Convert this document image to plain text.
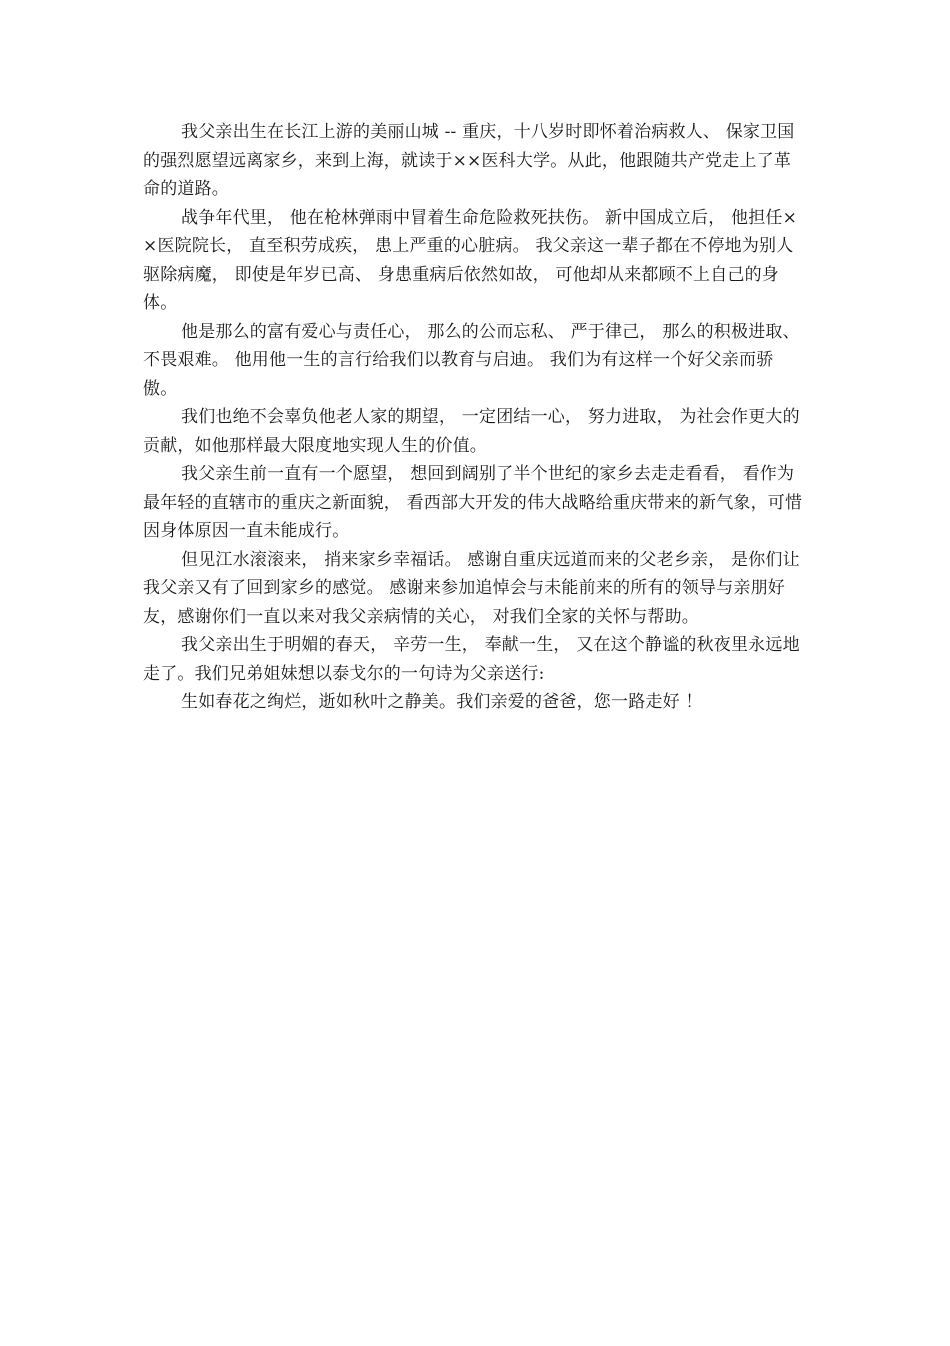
我父亲出生在长江上游的美丽山城 -- 重庆，十八岁时即怀着治病救人、 保家卫国的强烈愿望远离家乡，来到上海，就读于××医科大学。从此，他跟随共产党走上了革命的道路。

战争年代里， 他在枪林弹雨中冒着生命危险救死扶伤。 新中国成立后， 他担任××医院院长， 直至积劳成疾， 患上严重的心脏病。 我父亲这一辈子都在不停地为别人驱除病魔， 即使是年岁已高、 身患重病后依然如故， 可他却从来都顾不上自己的身体。

他是那么的富有爱心与责任心， 那么的公而忘私、 严于律己， 那么的积极进取、不畏艰难。 他用他一生的言行给我们以教育与启迪。 我们为有这样一个好父亲而骄傲。

我们也绝不会辜负他老人家的期望， 一定团结一心， 努力进取， 为社会作更大的贡献，如他那样最大限度地实现人生的价值。

我父亲生前一直有一个愿望， 想回到阔别了半个世纪的家乡去走走看看， 看作为最年轻的直辖市的重庆之新面貌， 看西部大开发的伟大战略给重庆带来的新气象，可惜因身体原因一直未能成行。

但见江水滚滚来， 捎来家乡幸福话。 感谢自重庆远道而来的父老乡亲， 是你们让我父亲又有了回到家乡的感觉。 感谢来参加追悼会与未能前来的所有的领导与亲朋好友，感谢你们一直以来对我父亲病情的关心， 对我们全家的关怀与帮助。

我父亲出生于明媚的春天， 辛劳一生， 奉献一生， 又在这个静谧的秋夜里永远地走了。我们兄弟姐妹想以泰戈尔的一句诗为父亲送行:

生如春花之绚烂，逝如秋叶之静美。我们亲爱的爸爸，您一路走好 ！
